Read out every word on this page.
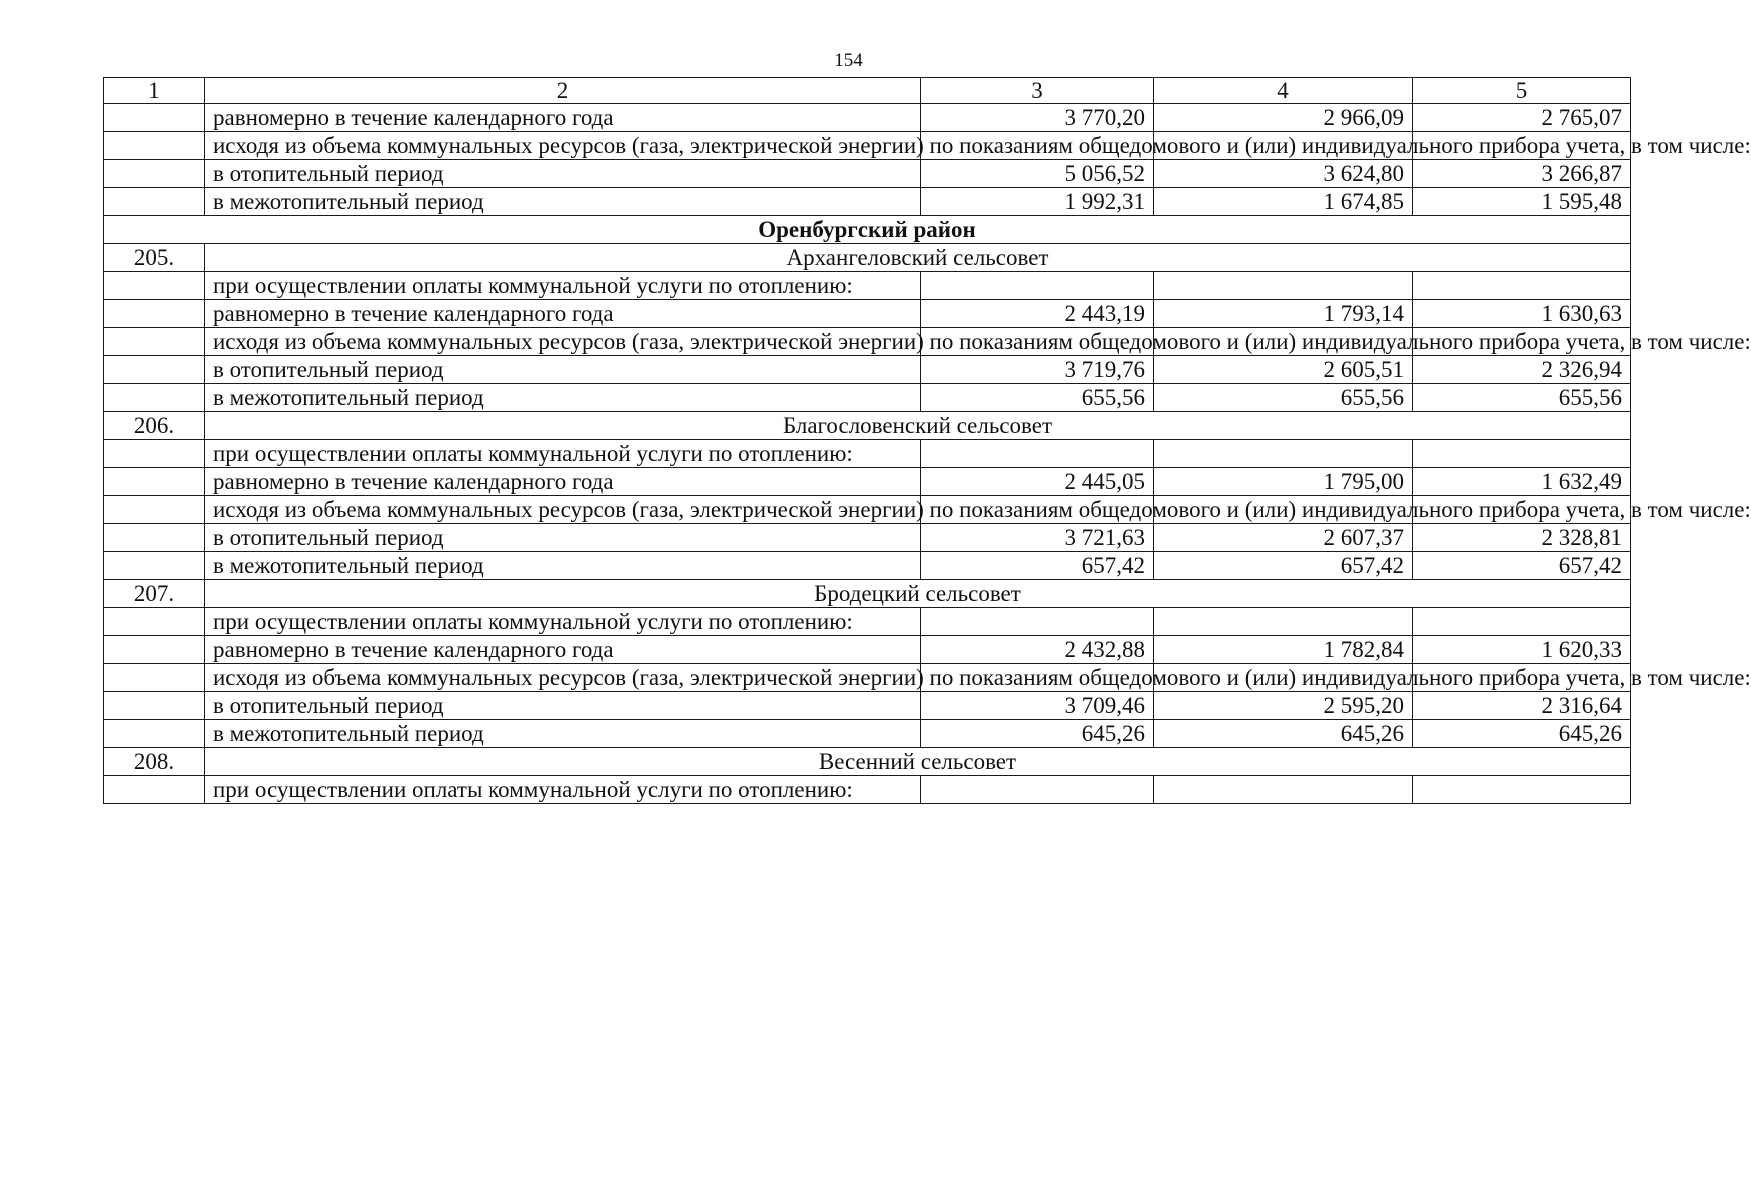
154
1	2	3	4	5
	равномерно в течение календарного года	3 770,20	2 966,09	2 765,07
	исходя из объема коммунальных ресурсов (газа, электрической энергии) по показаниям общедомового и (или) индивидуального прибора учета, в том числе:			
	в отопительный период	5 056,52	3 624,80	3 266,87
	в межотопительный период	1 992,31	1 674,85	1 595,48
Оренбургский район				
205.	Архангеловский сельсовет			
	при осуществлении оплаты коммунальной услуги по отоплению:			
	равномерно в течение календарного года	2 443,19	1 793,14	1 630,63
	исходя из объема коммунальных ресурсов (газа, электрической энергии) по показаниям общедомового и (или) индивидуального прибора учета, в том числе:			
	в отопительный период	3 719,76	2 605,51	2 326,94
	в межотопительный период	655,56	655,56	655,56
206.	Благословенский сельсовет			
	при осуществлении оплаты коммунальной услуги по отоплению:			
	равномерно в течение календарного года	2 445,05	1 795,00	1 632,49
	исходя из объема коммунальных ресурсов (газа, электрической энергии) по показаниям общедомового и (или) индивидуального прибора учета, в том числе:			
	в отопительный период	3 721,63	2 607,37	2 328,81
	в межотопительный период	657,42	657,42	657,42
207.	Бродецкий сельсовет			
	при осуществлении оплаты коммунальной услуги по отоплению:			
	равномерно в течение календарного года	2 432,88	1 782,84	1 620,33
	исходя из объема коммунальных ресурсов (газа, электрической энергии) по показаниям общедомового и (или) индивидуального прибора учета, в том числе:			
	в отопительный период	3 709,46	2 595,20	2 316,64
	в межотопительный период	645,26	645,26	645,26
208.	Весенний сельсовет			
	при осуществлении оплаты коммунальной услуги по отоплению:			
